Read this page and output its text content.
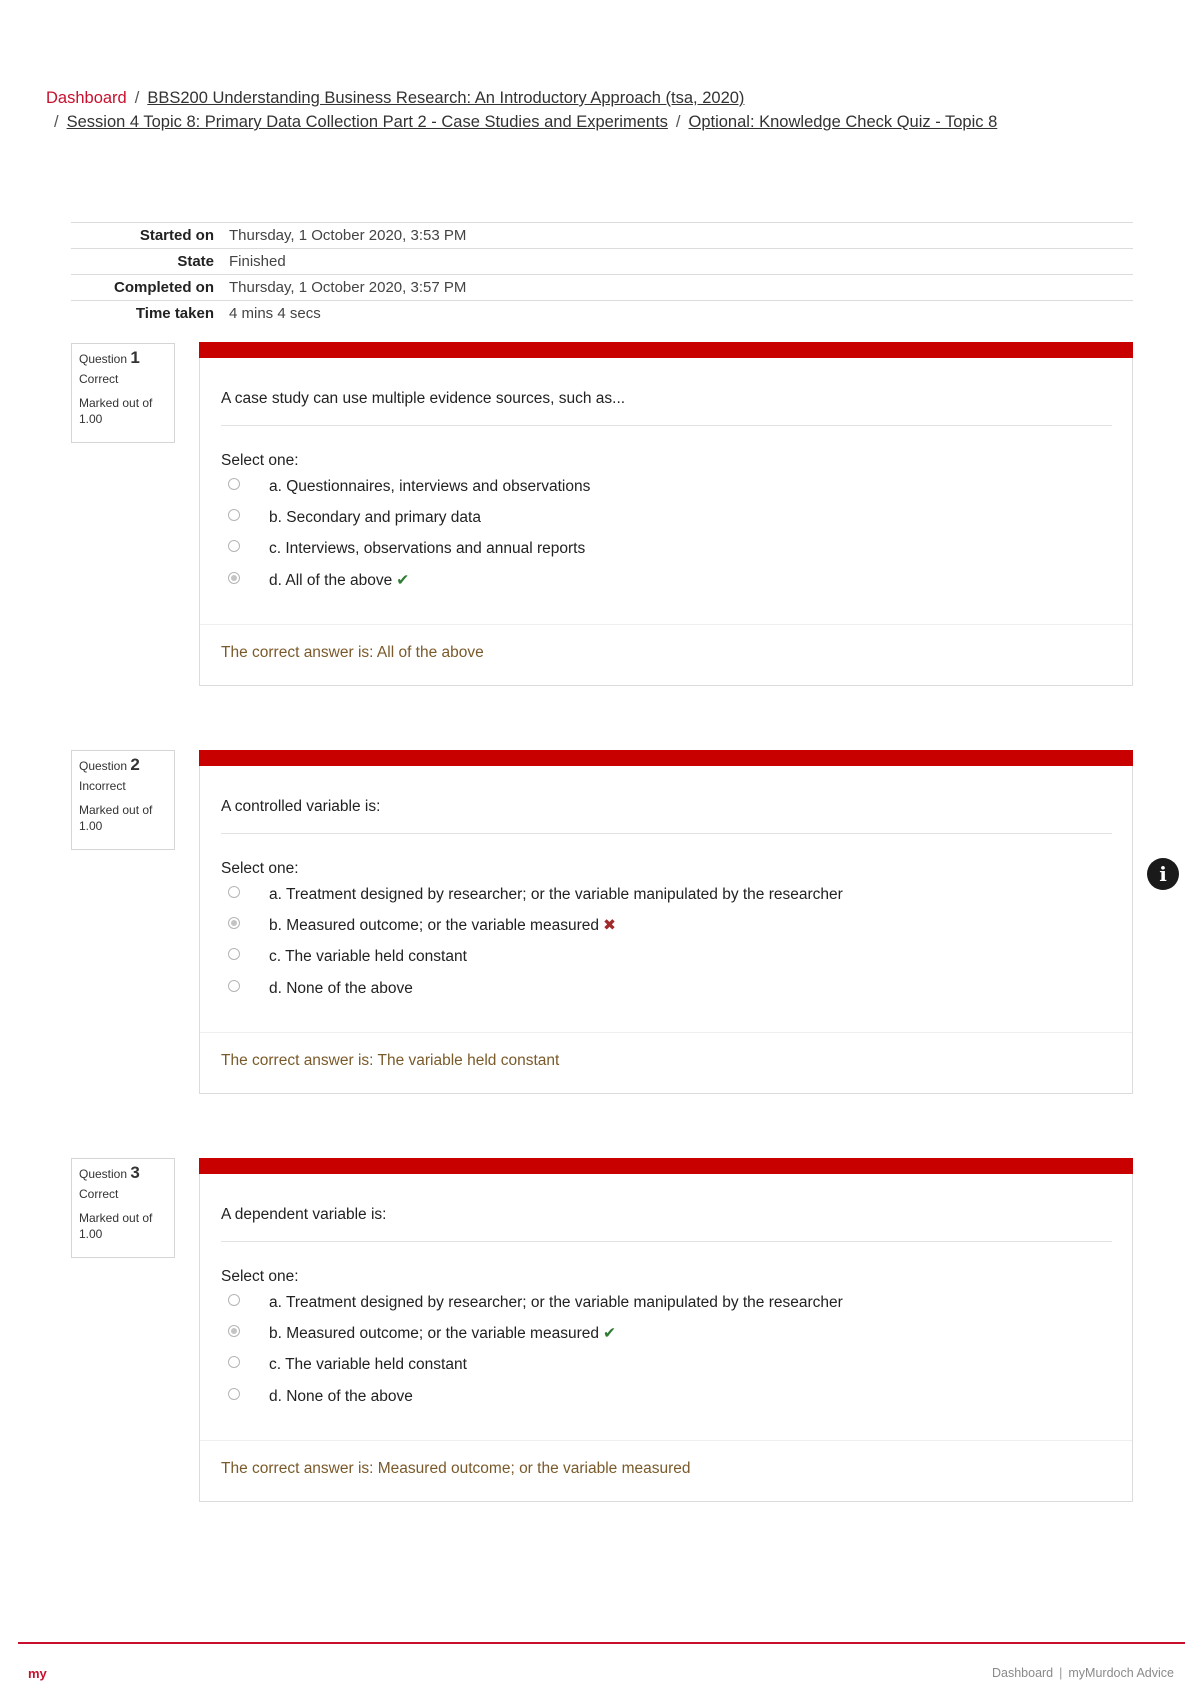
Dashboard / BBS200 Understanding Business Research: An Introductory Approach (tsa, 2020)
/ Session 4 Topic 8: Primary Data Collection Part 2 - Case Studies and Experiments / Optional: Knowledge Check Quiz - Topic 8
Started on	Thursday, 1 October 2020, 3:53 PM
State	Finished
Completed on	Thursday, 1 October 2020, 3:57 PM
Time taken	4 mins 4 secs
Question 1
Correct
Marked out of 1.00
A case study can use multiple evidence sources, such as...
Select one:
a. Questionnaires, interviews and observations
b. Secondary and primary data
c. Interviews, observations and annual reports
d. All of the above ✔
The correct answer is: All of the above
Question 2
Incorrect
Marked out of 1.00
A controlled variable is:
Select one:
a. Treatment designed by researcher; or the variable manipulated by the researcher
b. Measured outcome; or the variable measured ✖
c. The variable held constant
d. None of the above
The correct answer is: The variable held constant
Question 3
Correct
Marked out of 1.00
A dependent variable is:
Select one:
a. Treatment designed by researcher; or the variable manipulated by the researcher
b. Measured outcome; or the variable measured ✔
c. The variable held constant
d. None of the above
The correct answer is: Measured outcome; or the variable measured
i
my	Dashboard | myMurdoch Advice
